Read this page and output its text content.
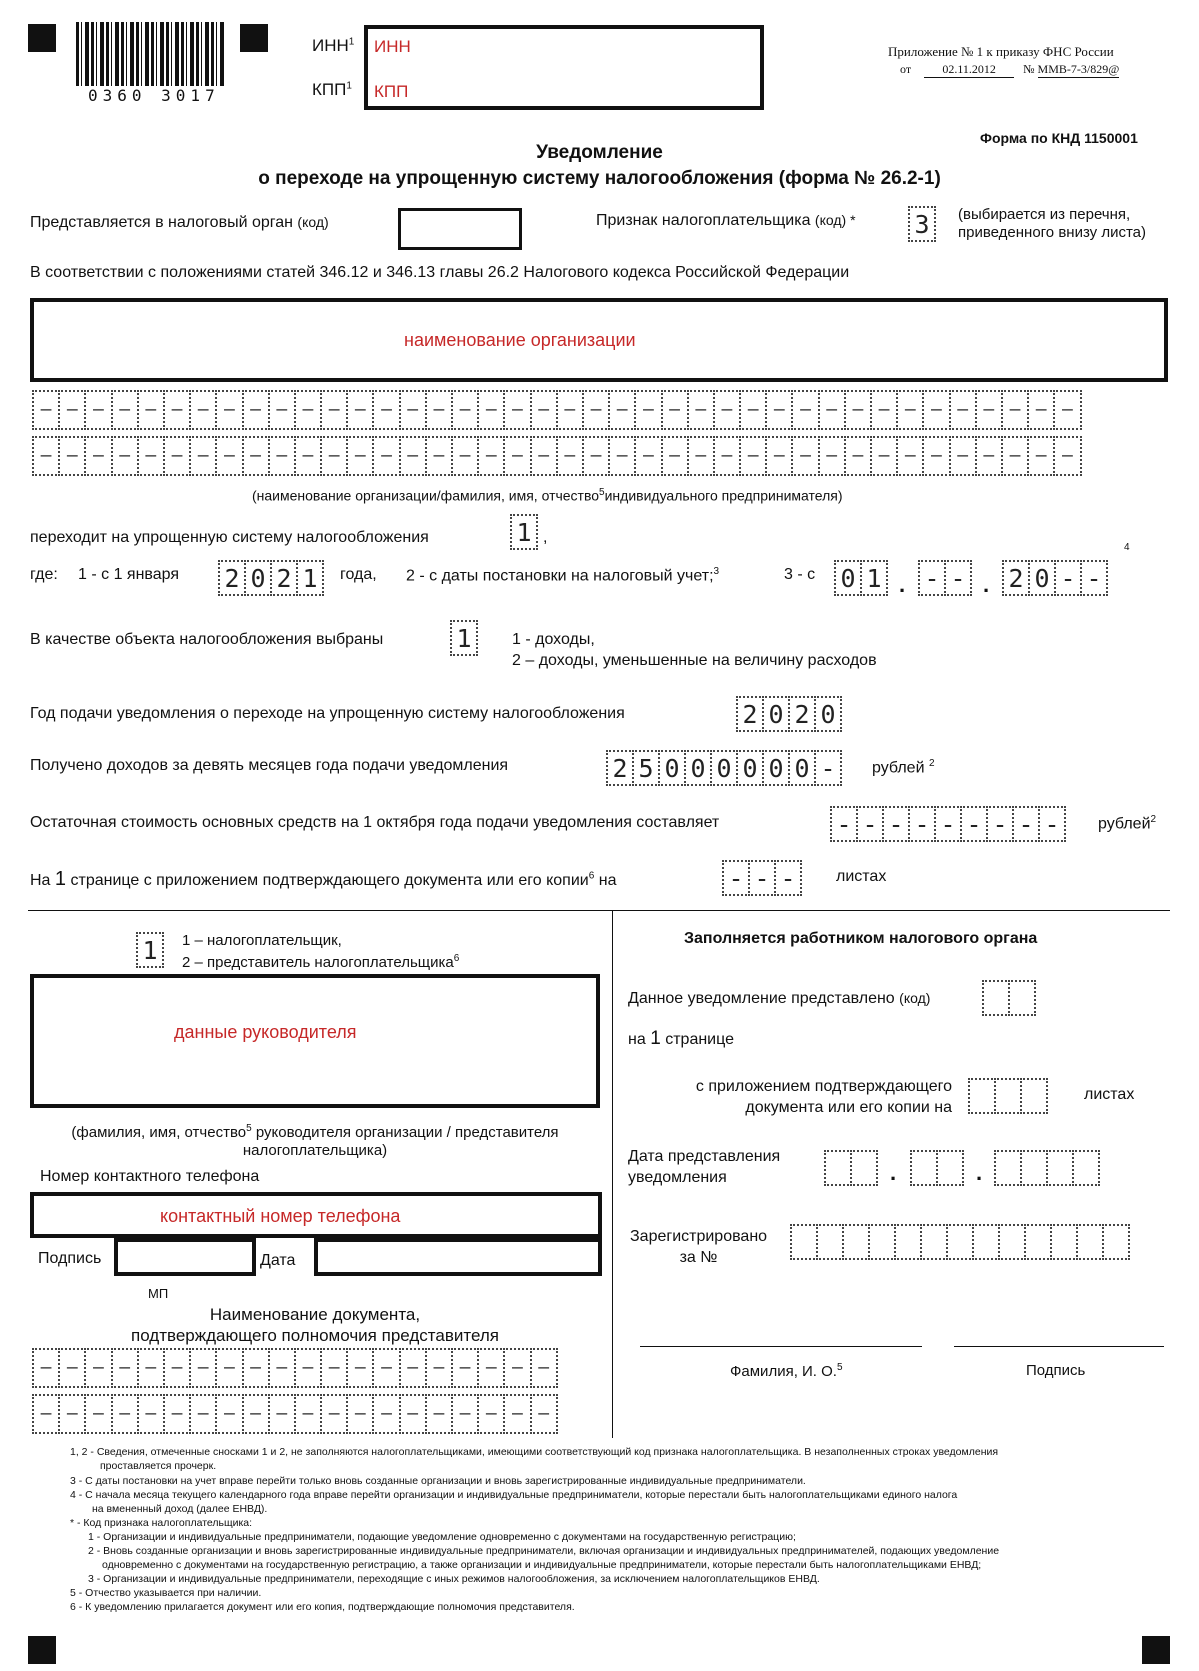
0360 3017
ИНН$^1$
КПП$^1$
ИНН
КПП
Приложение № 1 к приказу ФНС России
от	02.11.2012 № ММВ-7-3/829@
Форма по КНД 1150001
Уведомление
о переходе на упрощенную систему налогообложения (форма № 26.2-1)
Представляется в налоговый орган (код)	Признак налогоплательщика (код) * 3	(выбирается из перечня,
приведенного внизу листа)
В соответствии с положениями статей 346.12 и 346.13 главы 26.2 Налогового кодекса Российской Федерации
наименование организации
– – – – – – – – – – – – – – – – – – – – – – – – – – – – – – – – – – – – – – – –
– – – – – – – – – – – – – – – – – – – – – – – – – – – – – – – – – – – – – – – –
(наименование организации/фамилия, имя, отчество$^5$индивидуального предпринимателя)
переходит на упрощенную систему налогообложения	1 ,
где: 1 - с 1 января 2 0 2 1	года, 2 - с даты постановки на налоговый учет;$^3$	3 - с 0 1 . - - . 2 0 - -
4
В качестве объекта налогообложения выбраны	1	1 - доходы,
2 – доходы, уменьшенные на величину расходов
Год подачи уведомления о переходе на упрощенную систему налогообложения	2 0 2 0
Получено доходов за девять месяцев года подачи уведомления	2 5 0 0 0 0 0 0 -	рублей $^2$
Остаточная стоимость основных средств на 1 октября года подачи уведомления составляет	- - - - - - - - -	рублей$^2$
На 1 странице с приложением подтверждающего документа или его копии$^6$ на	- - -	листах
1	1 – налогоплательщик,
2 – представитель налогоплательщика$^6$
данные руководителя
(фамилия, имя, отчество$^5$ руководителя организации / представителя
налогоплательщика)
Номер контактного телефона
контактный номер телефона
Подпись	Дата
МП
Наименование документа,
подтверждающего полномочия представителя
– – – – – – – – – – – – – – – – – – – –
– – – – – – – – – – – – – – – – – – – –
Заполняется работником налогового органа
Данное уведомление представлено (код)
на 1 странице
с приложением подтверждающего
документа или его копии на
листах
Дата представления
уведомления	.	.
Зарегистрировано
за №
Фамилия, И. О.$^5$	Подпись
1, 2 - Сведения, отмеченные сносками 1 и 2, не заполняются налогоплательщиками, имеющими соответствующий код признака налогоплательщика. В незаполненных строках уведомления
проставляется прочерк.
3 - С даты постановки на учет вправе перейти только вновь созданные организации и вновь зарегистрированные индивидуальные предприниматели.
4 - С начала месяца текущего календарного года вправе перейти организации и индивидуальные предприниматели, которые перестали быть налогоплательщиками единого налога
на вмененный доход (далее ЕНВД).
* - Код признака налогоплательщика:
1 - Организации и индивидуальные предприниматели, подающие уведомление одновременно с документами на государственную регистрацию;
2 - Вновь созданные организации и вновь зарегистрированные индивидуальные предприниматели, включая организации и индивидуальных предпринимателей, подающих уведомление
одновременно с документами на государственную регистрацию, а также организации и индивидуальные предприниматели, которые перестали быть налогоплательщиками ЕНВД;
3 - Организации и индивидуальные предприниматели, переходящие с иных режимов налогообложения, за исключением налогоплательщиков ЕНВД.
5 - Отчество указывается при наличии.
6 - К уведомлению прилагается документ или его копия, подтверждающие полномочия представителя.
